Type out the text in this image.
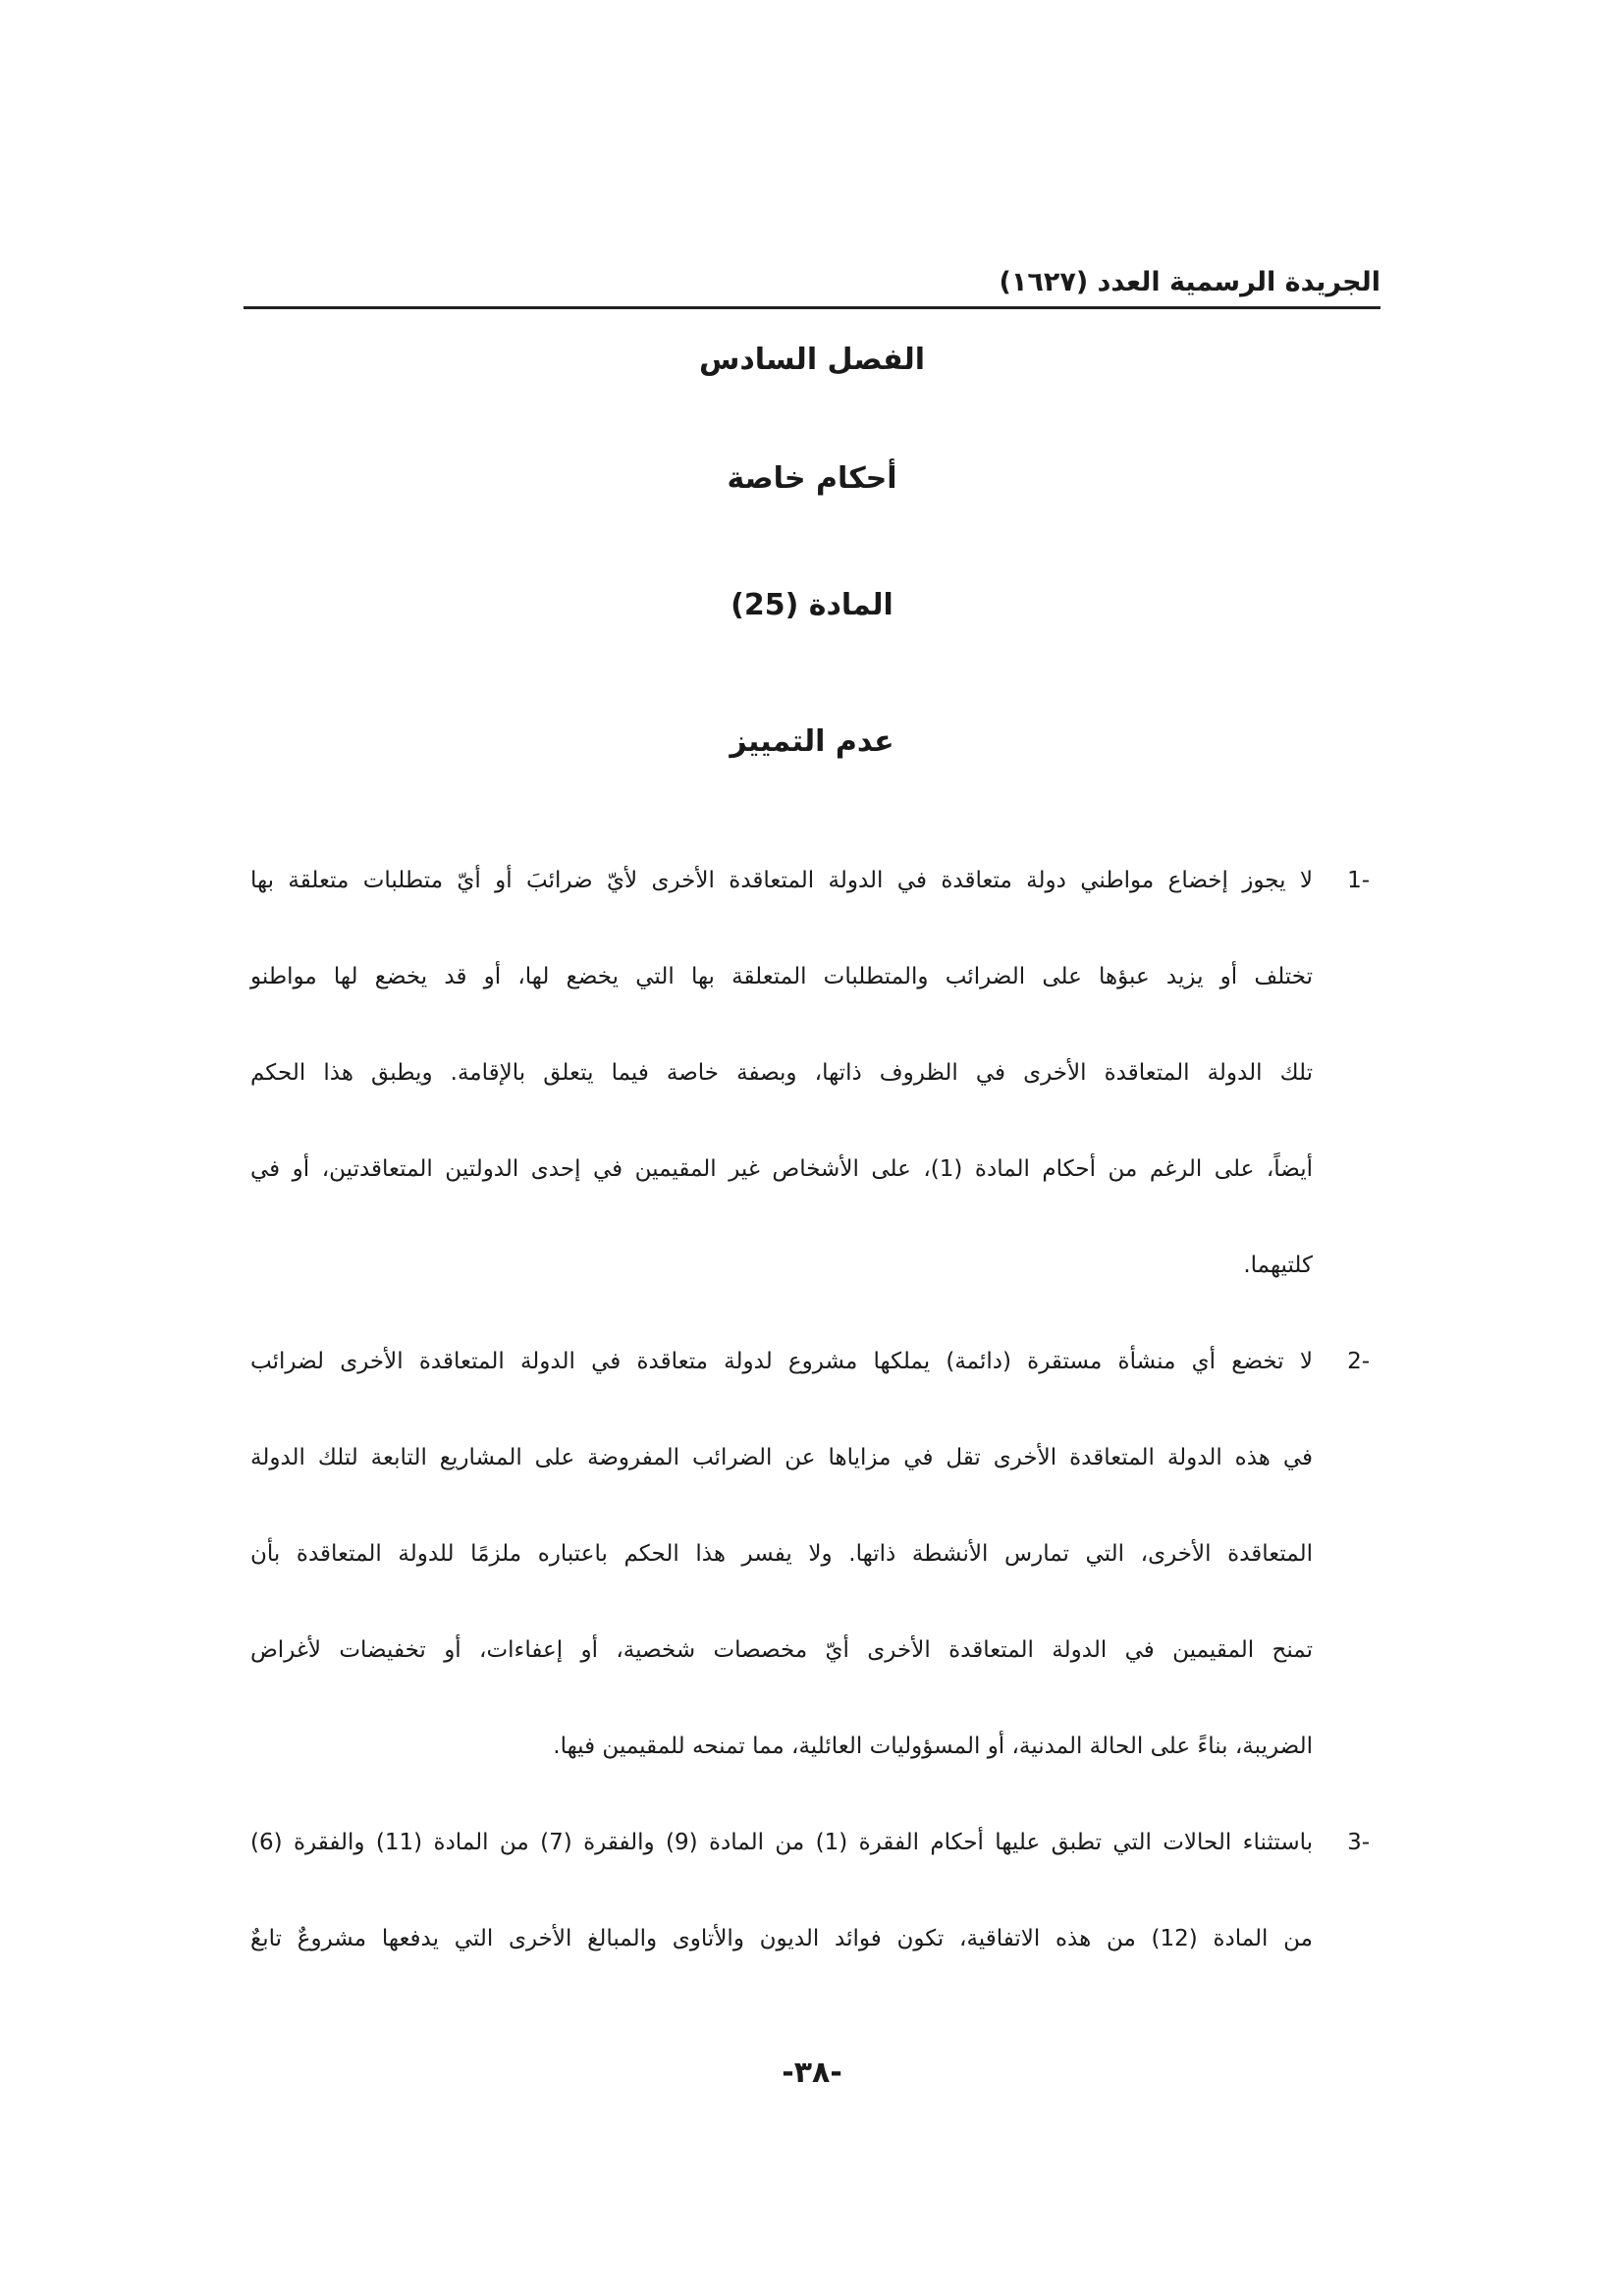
الجريدة الرسمية العدد (١٦٢٧)
الفصل السادس
أحكام خاصة
المادة (25)
عدم التمييز
1-
لا يجوز إخضاع مواطني دولة متعاقدة في الدولة المتعاقدة الأخرى لأيّ ضرائبَ أو أيّ متطلبات متعلقة بها
تختلف أو يزيد عبؤها على الضرائب والمتطلبات المتعلقة بها التي يخضع لها، أو قد يخضع لها مواطنو
تلك الدولة المتعاقدة الأخرى في الظروف ذاتها، وبصفة خاصة فيما يتعلق بالإقامة. ويطبق هذا الحكم
أيضاً، على الرغم من أحكام المادة (1)، على الأشخاص غير المقيمين في إحدى الدولتين المتعاقدتين، أو في
كلتيهما.
2-
لا تخضع أي منشأة مستقرة (دائمة) يملكها مشروع لدولة متعاقدة في الدولة المتعاقدة الأخرى لضرائب
في هذه الدولة المتعاقدة الأخرى تقل في مزاياها عن الضرائب المفروضة على المشاريع التابعة لتلك الدولة
المتعاقدة الأخرى، التي تمارس الأنشطة ذاتها. ولا يفسر هذا الحكم باعتباره ملزمًا للدولة المتعاقدة بأن
تمنح المقيمين في الدولة المتعاقدة الأخرى أيّ مخصصات شخصية، أو إعفاءات، أو تخفيضات لأغراض
الضريبة، بناءً على الحالة المدنية، أو المسؤوليات العائلية، مما تمنحه للمقيمين فيها.
3-
باستثناء الحالات التي تطبق عليها أحكام الفقرة (1) من المادة (9) والفقرة (7) من المادة (11) والفقرة (6)
من المادة (12) من هذه الاتفاقية، تكون فوائد الديون والأتاوى والمبالغ الأخرى التي يدفعها مشروعٌ تابعٌ
-٣٨-
